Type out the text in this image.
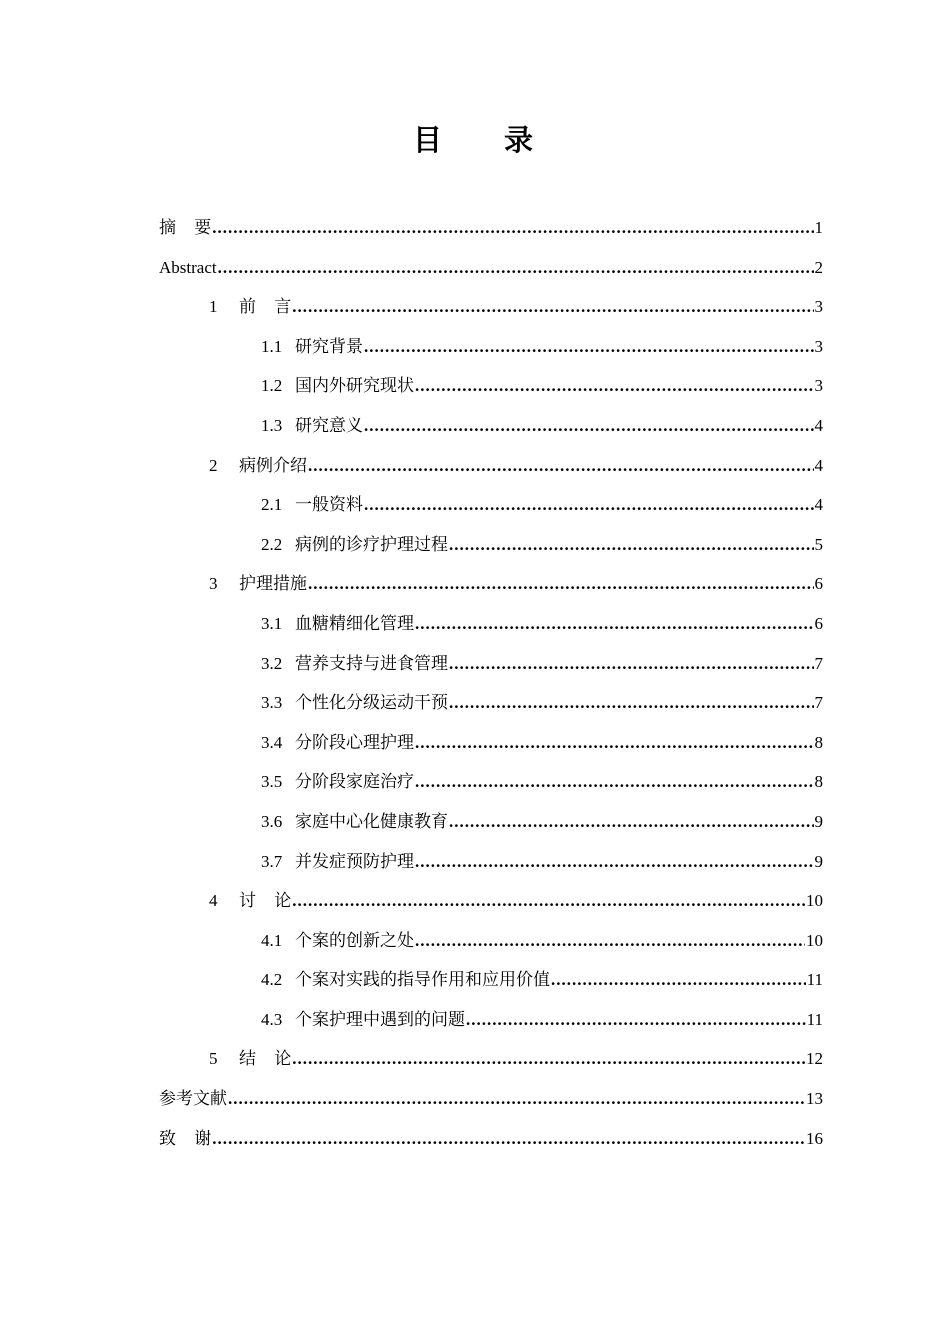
目 录
摘 要 .....	1
Abstract .....	2
1	前 言 .....	3
1.1 研究背景 .....	3
1.2 国内外研究现状 .....	3
1.3 研究意义 .....	4
2	病例介绍 .....	4
2.1 一般资料 .....	4
2.2 病例的诊疗护理过程 .....	5
3	护理措施 .....	6
3.1 血糖精细化管理 .....	6
3.2 营养支持与进食管理 .....	7
3.3 个性化分级运动干预 .....	7
3.4 分阶段心理护理 .....	8
3.5 分阶段家庭治疗 .....	8
3.6 家庭中心化健康教育 .....	9
3.7 并发症预防护理 .....	9
4	讨 论 .....	10
4.1 个案的创新之处 .....	10
4.2 个案对实践的指导作用和应用价值 .....	11
4.3 个案护理中遇到的问题 .....	11
5	结 论 .....	12
参考文献 .....	13
致 谢 .....	16
